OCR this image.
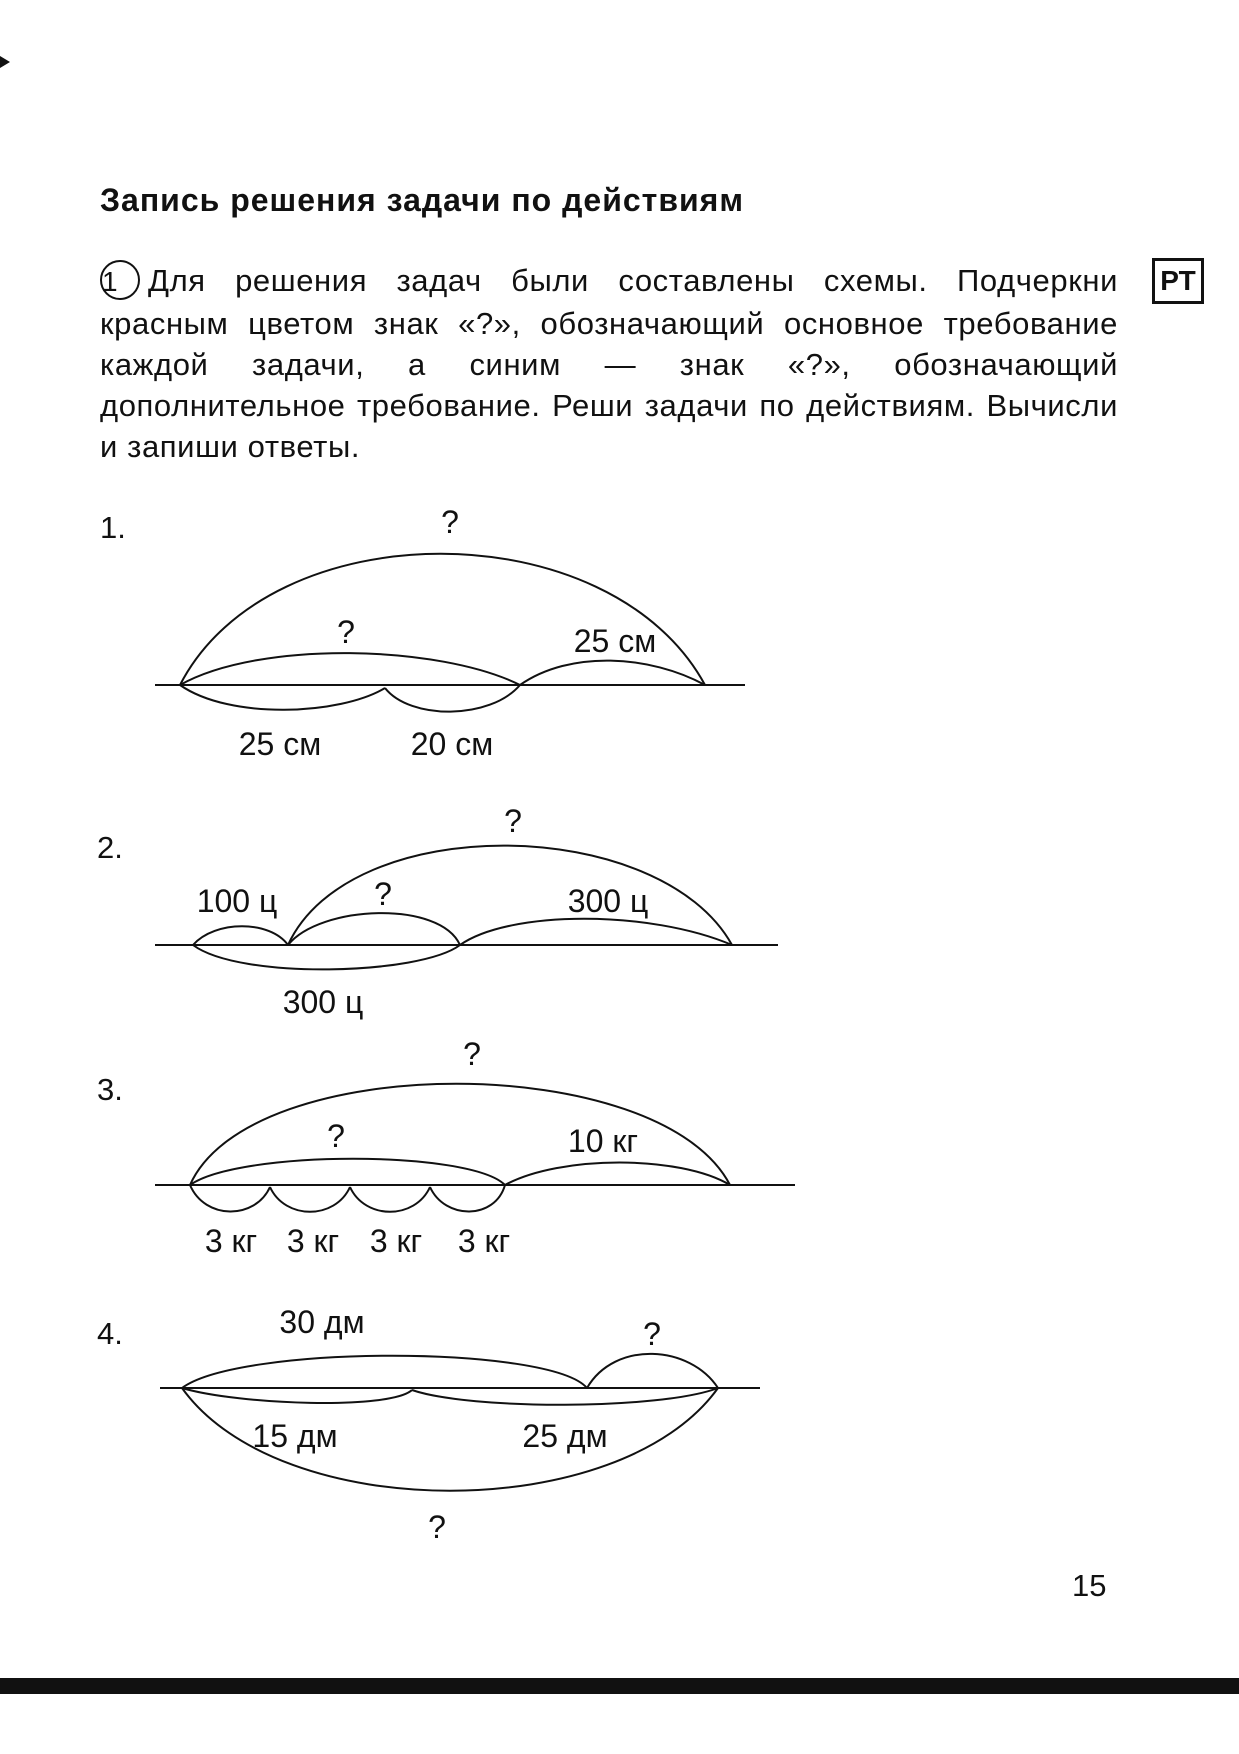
Запись решения задачи по действиям
1 Для решения задач были составлены схемы. Подчеркни красным цветом знак «?», обозначающий основное требование каждой задачи, а синим — знак «?», обозначающий дополнительное требование. Реши задачи по действиям. Вычисли и запиши ответы.
РТ
1.
2.
3.
4.
?
?	25 см
25 см	20 см
?
?
100 ц	300 ц
300 ц
?
?	10 кг
3 кг 3 кг 3 кг 3 кг
30 дм	?
15 дм	25 дм
?
15
